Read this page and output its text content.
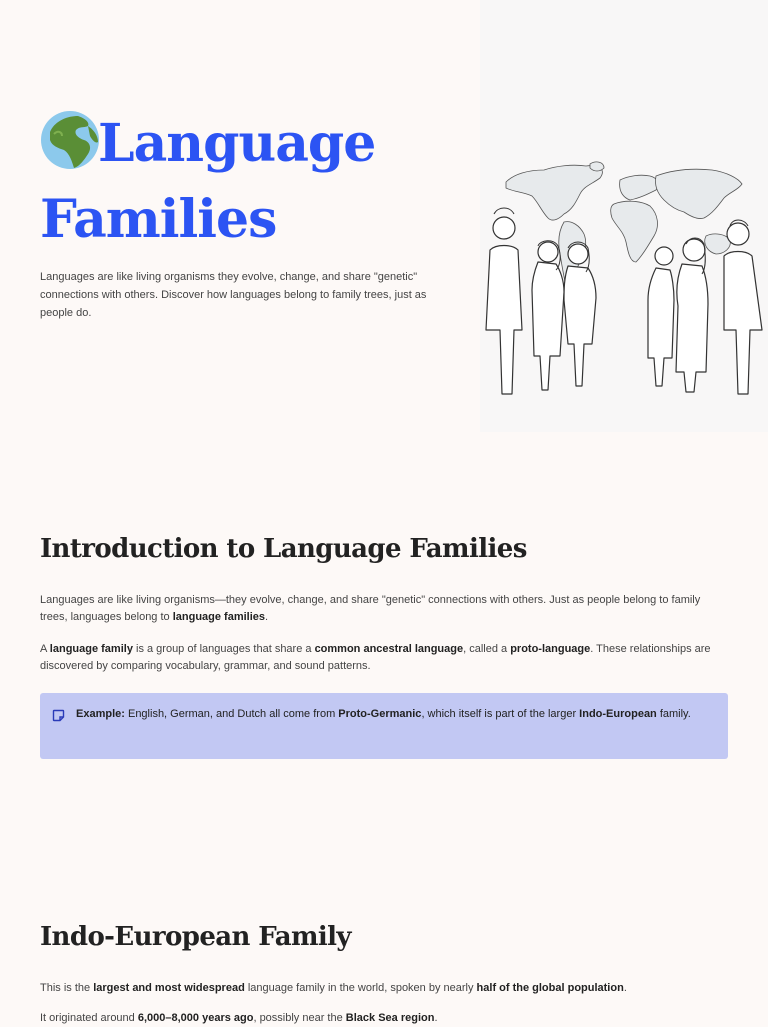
Language
Families

Languages are like living organisms they evolve, change, and share "genetic" connections with others. Discover how languages belong to family trees, just as people do.

Introduction to Language Families

Languages are like living organisms—they evolve, change, and share "genetic" connections with others. Just as people belong to family trees, languages belong to language families.

A language family is a group of languages that share a common ancestral language, called a proto-language. These relationships are discovered by comparing vocabulary, grammar, and sound patterns.

Example: English, German, and Dutch all come from Proto-Germanic, which itself is part of the larger Indo-European family.

Indo-European Family

This is the largest and most widespread language family in the world, spoken by nearly half of the global population.

It originated around 6,000–8,000 years ago, possibly near the Black Sea region.
